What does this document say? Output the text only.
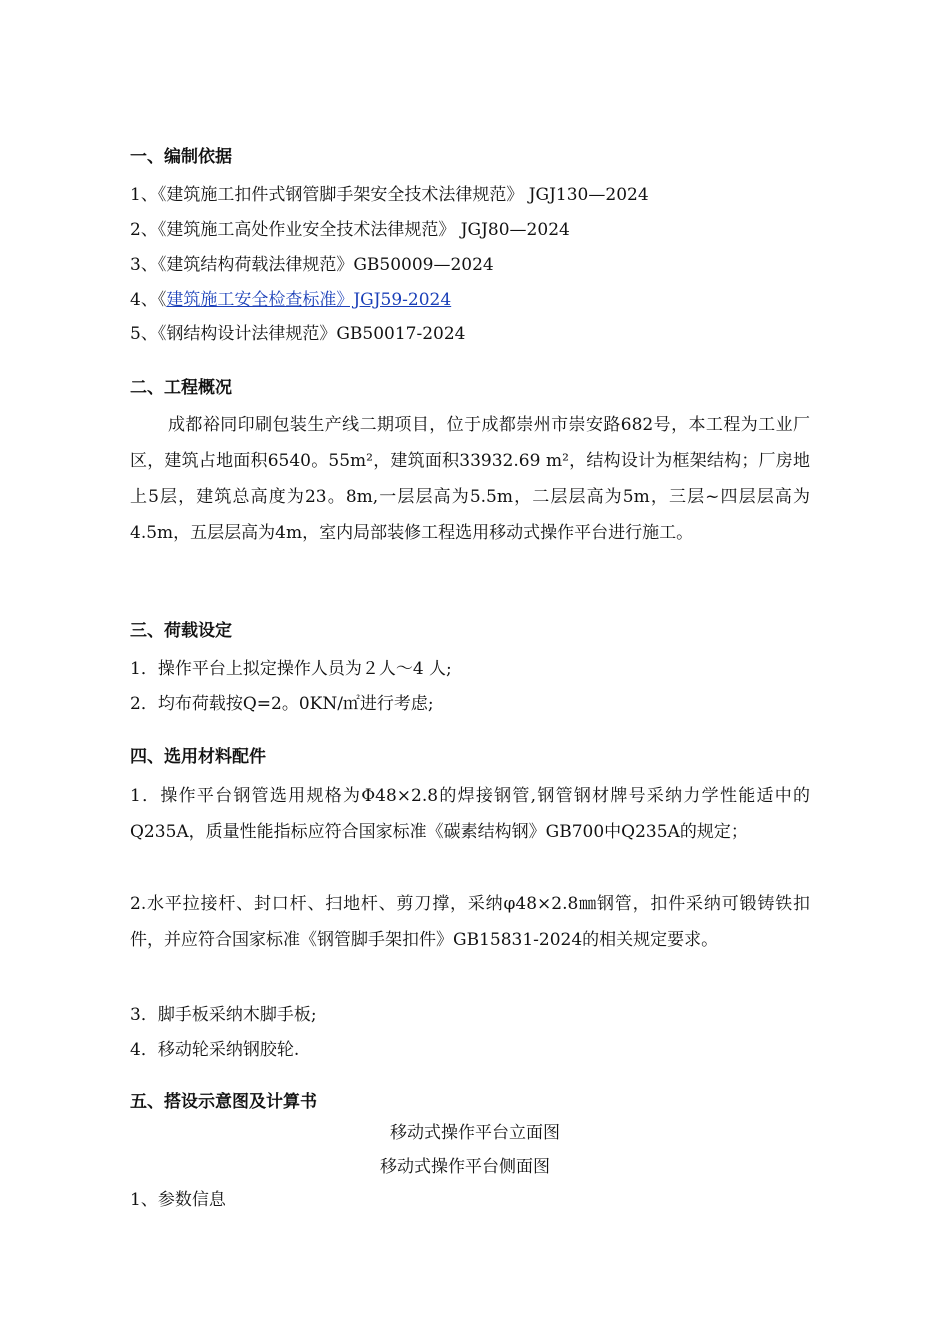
一、编制依据
1、《建筑施工扣件式钢管脚手架安全技术法律规范》 JGJ130—2024
2、《建筑施工高处作业安全技术法律规范》 JGJ80—2024
3、《建筑结构荷载法律规范》GB50009—2024
4、《建筑施工安全检查标准》JGJ59-2024
5、《钢结构设计法律规范》GB50017-2024
二、工程概况
成都裕同印刷包装生产线二期项目，位于成都崇州市崇安路682号，本工程为工业厂区，建筑占地面积6540。55m²，建筑面积33932.69 m²，结构设计为框架结构；厂房地上5层，建筑总高度为23。8m,一层层高为5.5m，二层层高为5m，三层~四层层高为4.5m，五层层高为4m，室内局部装修工程选用移动式操作平台进行施工。
三、荷载设定
1．操作平台上拟定操作人员为２人～4 人;
2．均布荷载按Q=2。0KN/㎡进行考虑;
四、选用材料配件
1．操作平台钢管选用规格为Φ48×2.8的焊接钢管,钢管钢材牌号采纳力学性能适中的Q235A，质量性能指标应符合国家标准《碳素结构钢》GB700中Q235A的规定；
2.水平拉接杆、封口杆、扫地杆、剪刀撑，采纳φ48×2.8㎜钢管，扣件采纳可锻铸铁扣件，并应符合国家标准《钢管脚手架扣件》GB15831-2024的相关规定要求。
3．脚手板采纳木脚手板;
4．移动轮采纳钢胶轮.
五、搭设示意图及计算书
移动式操作平台立面图
移动式操作平台侧面图
1、参数信息
